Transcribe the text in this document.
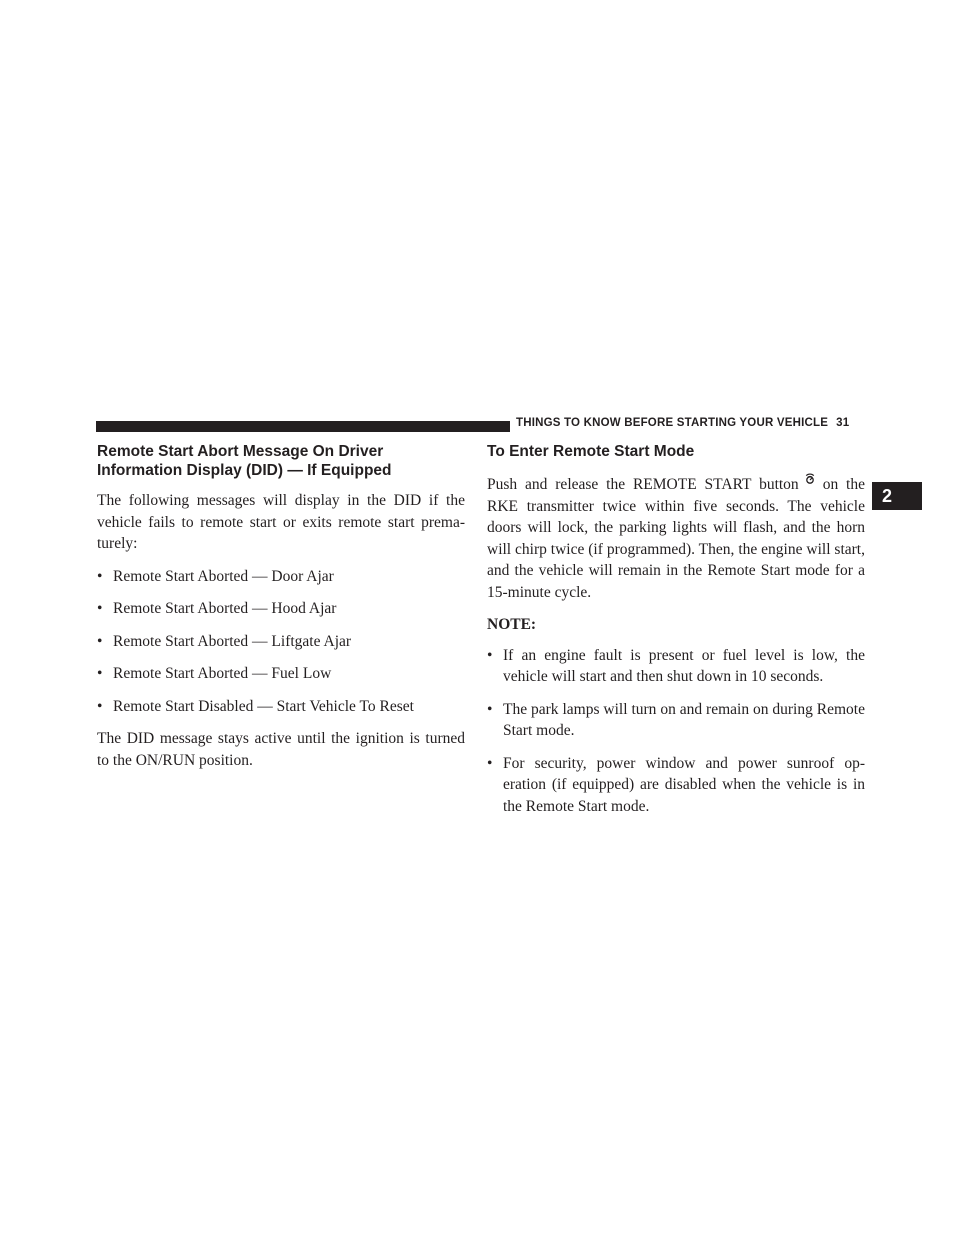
THINGS TO KNOW BEFORE STARTING YOUR VEHICLE 31
2
Remote Start Abort Message On Driver
Information Display (DID) — If Equipped

The following messages will display in the DID if the vehicle fails to remote start or exits remote start prema- turely:

• Remote Start Aborted — Door Ajar
• Remote Start Aborted — Hood Ajar
• Remote Start Aborted — Liftgate Ajar
• Remote Start Aborted — Fuel Low
• Remote Start Disabled — Start Vehicle To Reset

The DID message stays active until the ignition is turned to the ON/RUN position.

To Enter Remote Start Mode

Push and release the REMOTE START button on the RKE transmitter twice within five seconds. The vehicle doors will lock, the parking lights will flash, and the horn will chirp twice (if programmed). Then, the engine will start, and the vehicle will remain in the Remote Start mode for a 15-minute cycle.

NOTE:
• If an engine fault is present or fuel level is low, the vehicle will start and then shut down in 10 seconds.
• The park lamps will turn on and remain on during Remote Start mode.
• For security, power window and power sunroof op- eration (if equipped) are disabled when the vehicle is in the Remote Start mode.
